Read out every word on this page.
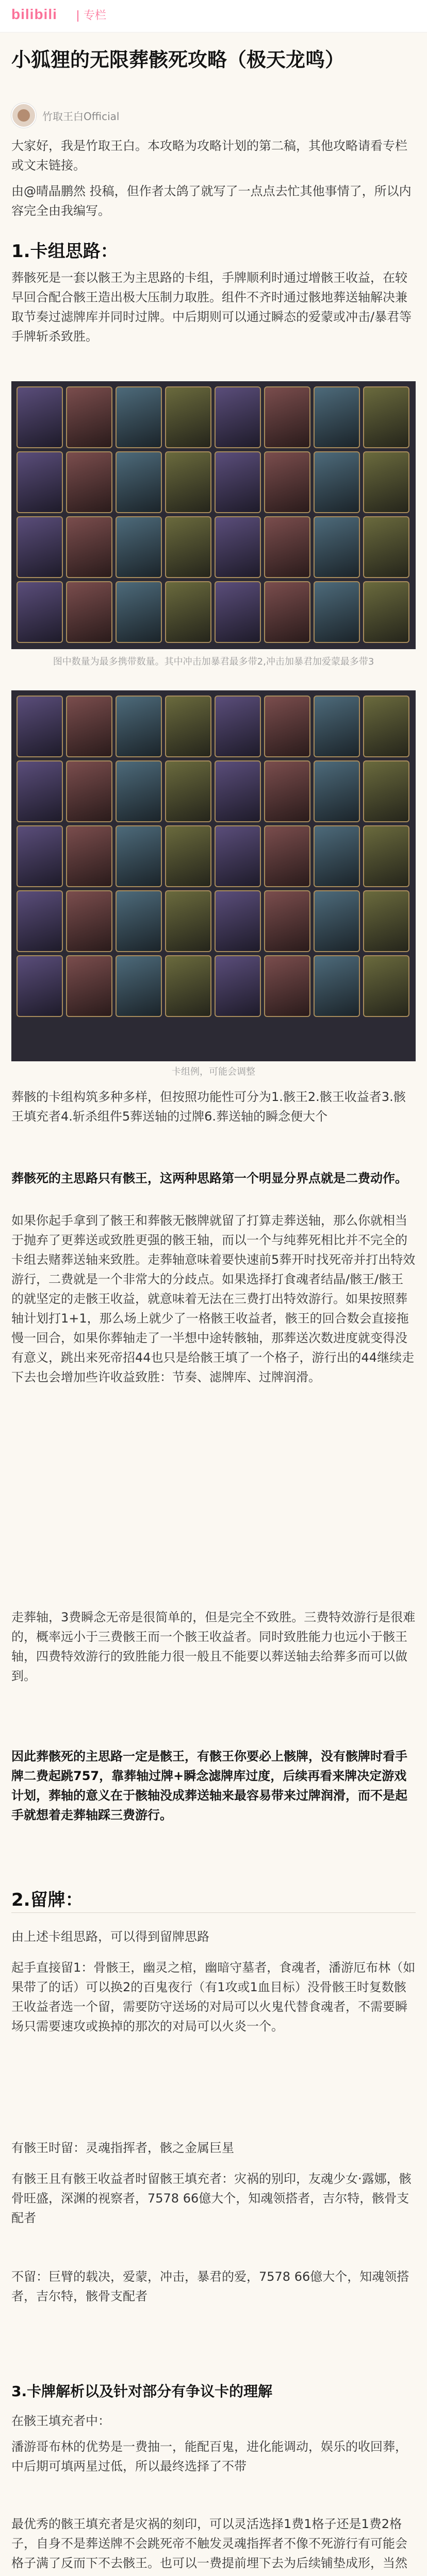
bilibili	专栏
小狐狸的无限葬骸死攻略（极天龙鸣）
竹取王白Official
大家好，我是竹取王白。本攻略为攻略计划的第二稿，其他攻略请看专栏或文末链接。
由@晴晶鹏然 投稿，但作者太鸽了就写了一点点去忙其他事情了，所以内容完全由我编写。
1.卡组思路：
葬骸死是一套以骸王为主思路的卡组，手牌顺利时通过增骸王收益，在较早回合配合骸王造出极大压制力取胜。组件不齐时通过骸地葬送轴解决兼取节奏过滤牌库并同时过牌。中后期则可以通过瞬态的爱蒙或冲击/暴君等手牌斩杀致胜。
图中数量为最多携带数量。其中冲击加暴君最多带2,冲击加暴君加爱蒙最多带3
卡组例，可能会调整
葬骸的卡组构筑多种多样，但按照功能性可分为1.骸王2.骸王收益者3.骸王填充者4.斩杀组件5葬送轴的过牌6.葬送轴的瞬念便大个
葬骸死的主思路只有骸王，这两种思路第一个明显分界点就是二费动作。
如果你起手拿到了骸王和葬骸无骸牌就留了打算走葬送轴，那么你就相当于抛弃了更葬送或致胜更强的骸王轴，而以一个与纯葬死相比并不完全的卡组去赌葬送轴来致胜。走葬轴意味着要快速前5葬开时找死帝并打出特效游行，二费就是一个非常大的分歧点。如果选择打食魂者结晶/骸王/骸王的就坚定的走骸王收益，就意味着无法在三费打出特效游行。如果按照葬轴计划打1+1，那么场上就少了一格骸王收益者，骸王的回合数会直接拖慢一回合，如果你葬轴走了一半想中途转骸轴，那葬送次数进度就变得没有意义，跳出来死帝招44也只是给骸王填了一个格子，游行出的44继续走下去也会增加些许收益致胜：节奏、滤牌库、过牌润滑。
走葬轴，3费瞬念无帝是很简单的，但是完全不致胜。三费特效游行是很难的，概率远小于三费骸王而一个骸王收益者。同时致胜能力也远小于骸王轴，四费特效游行的致胜能力很一般且不能要以葬送轴去给葬多而可以做到。
因此葬骸死的主思路一定是骸王，有骸王你要必上骸牌，没有骸牌时看手牌二费起跳757，靠葬轴过牌+瞬念滤牌库过度，后续再看来牌决定游戏计划，葬轴的意义在于骸轴没成葬送轴来最容易带来过牌润滑，而不是起手就想着走葬轴踩三费游行。
2.留牌：
由上述卡组思路，可以得到留牌思路
起手直接留1：骨骸王，幽灵之棺，幽暗守墓者，食魂者，潘游厄布林（如果带了的话）可以换2的百鬼夜行（有1攻或1血目标）没骨骸王时复数骸王收益者选一个留，需要防守送场的对局可以火鬼代替食魂者，不需要瞬场只需要速攻或换掉的那次的对局可以火炎一个。
有骸王时留：灵魂指挥者，骸之金属巨星
有骸王且有骸王收益者时留骸王填充者：灾祸的别印，友魂少女·露娜，骸骨旺盛，深渊的视察者，7578 66億大个，知魂领搭者，吉尔特，骸骨支配者
不留：巨臂的载决，爱蒙，冲击，暴君的爱，7578 66億大个，知魂领搭者，吉尔特，骸骨支配者
3.卡牌解析以及针对部分有争议卡的理解
在骸王填充者中：
潘游哥布林的优势是一费抽一，能配百鬼，进化能调动，娱乐的收回葬，中后期可填两星过低，所以最终选择了不带
最优秀的骸王填充者是灾祸的刻印，可以灵活选择1费1格子还是1费2格子，自身不是葬送牌不会跳死帝不触发灵魂指挥者不像不死游行有可能会格子满了反而下不去骸王。也可以一费提前埋下去为后续铺垫成形，当然
